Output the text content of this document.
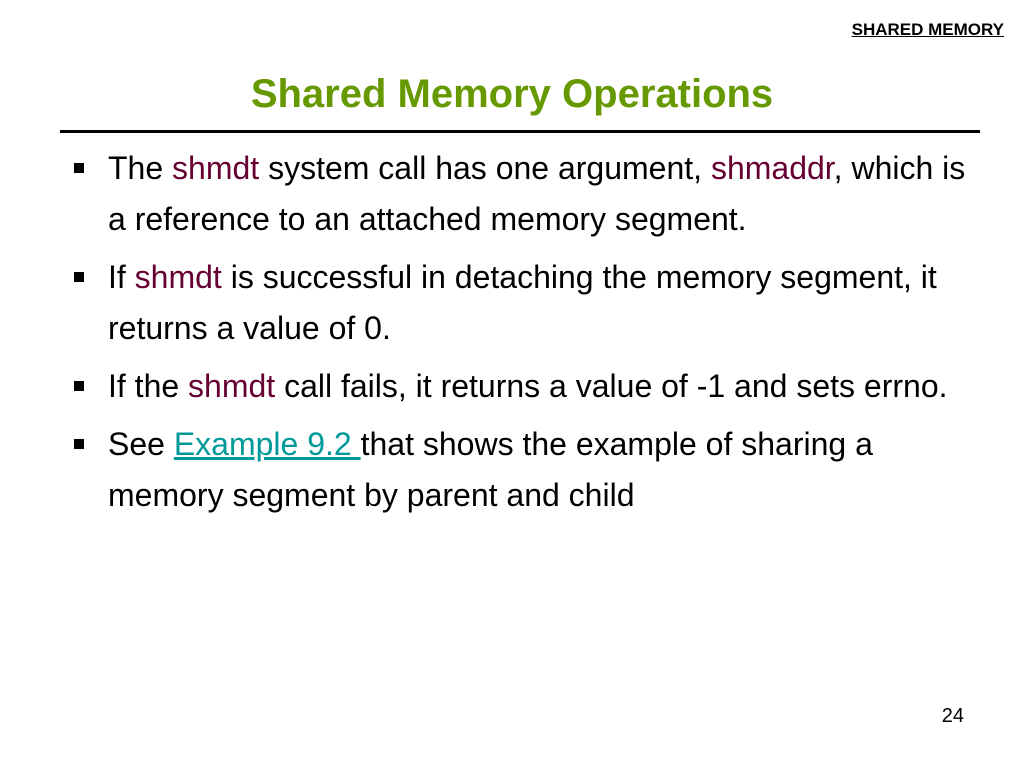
SHARED MEMORY
Shared Memory Operations
The shmdt system call has one argument, shmaddr, which is a reference to an attached memory segment.
If shmdt is successful in detaching the memory segment, it returns a value of 0.
If the shmdt call fails, it returns a value of -1 and sets errno.
See Example 9.2 that shows the example of sharing a memory segment by parent and child
24
